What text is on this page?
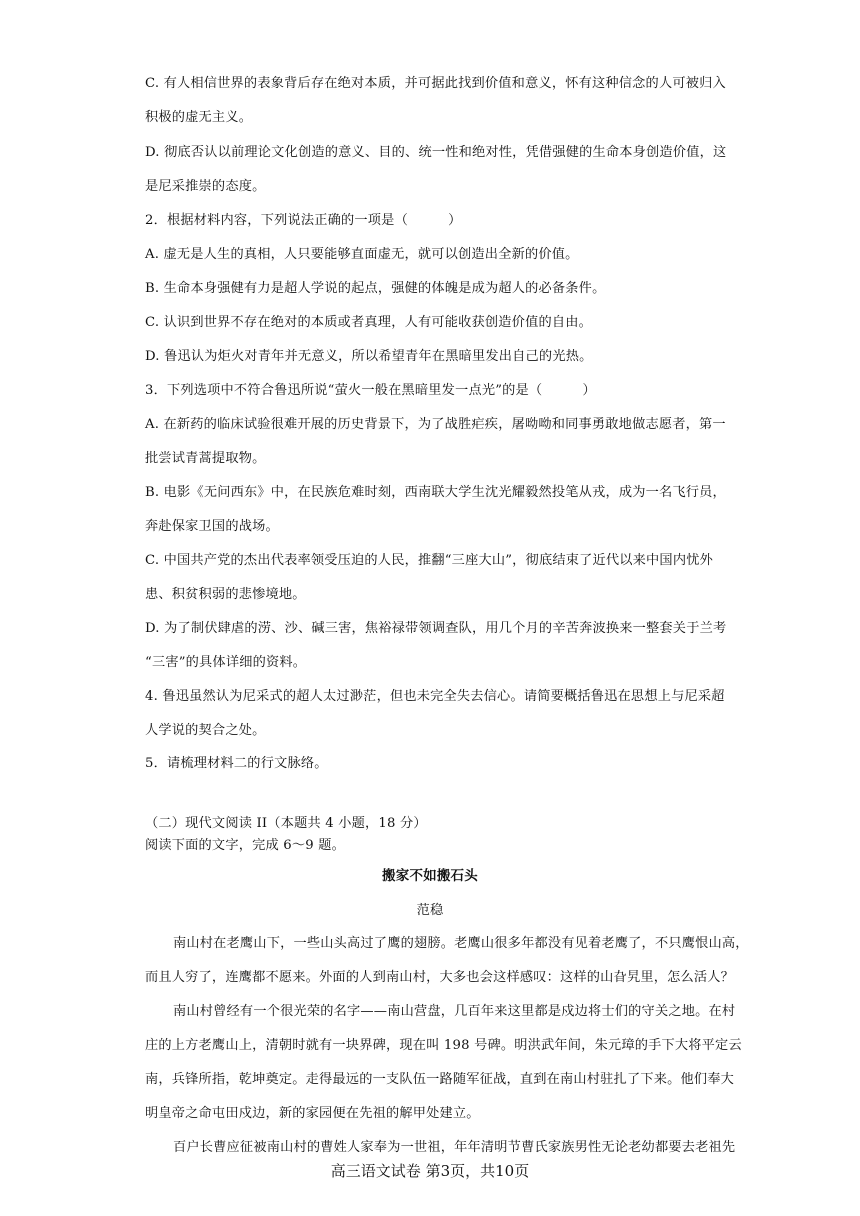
C. 有人相信世界的表象背后存在绝对本质，并可据此找到价值和意义，怀有这种信念的人可被归入
积极的虚无主义。
D. 彻底否认以前理论文化创造的意义、目的、统一性和绝对性，凭借强健的生命本身创造价值，这
是尼采推崇的态度。
2．根据材料内容，下列说法正确的一项是（　　　）
A. 虚无是人生的真相，人只要能够直面虚无，就可以创造出全新的价值。
B. 生命本身强健有力是超人学说的起点，强健的体魄是成为超人的必备条件。
C. 认识到世界不存在绝对的本质或者真理，人有可能收获创造价值的自由。
D. 鲁迅认为炬火对青年并无意义，所以希望青年在黑暗里发出自己的光热。
3．下列选项中不符合鲁迅所说“萤火一般在黑暗里发一点光”的是（　　　）
A. 在新药的临床试验很难开展的历史背景下，为了战胜疟疾，屠呦呦和同事勇敢地做志愿者，第一
批尝试青蒿提取物。
B. 电影《无问西东》中，在民族危难时刻，西南联大学生沈光耀毅然投笔从戎，成为一名飞行员，
奔赴保家卫国的战场。
C. 中国共产党的杰出代表率领受压迫的人民，推翻“三座大山”，彻底结束了近代以来中国内忧外
患、积贫积弱的悲惨境地。
D. 为了制伏肆虐的涝、沙、碱三害，焦裕禄带领调查队，用几个月的辛苦奔波换来一整套关于兰考
“三害”的具体详细的资料。
4. 鲁迅虽然认为尼采式的超人太过渺茫，但也未完全失去信心。请简要概括鲁迅在思想上与尼采超
人学说的契合之处。
5．请梳理材料二的行文脉络。
（二）现代文阅读 II（本题共 4 小题，18 分）
阅读下面的文字，完成 6～9 题。
搬家不如搬石头
范稳
南山村在老鹰山下，一些山头高过了鹰的翅膀。老鹰山很多年都没有见着老鹰了，不只鹰恨山高，
而且人穷了，连鹰都不愿来。外面的人到南山村，大多也会这样感叹：这样的山旮旯里，怎么活人？
南山村曾经有一个很光荣的名字——南山营盘，几百年来这里都是戍边将士们的守关之地。在村
庄的上方老鹰山上，清朝时就有一块界碑，现在叫 198 号碑。明洪武年间，朱元璋的手下大将平定云
南，兵锋所指，乾坤奠定。走得最远的一支队伍一路随军征战，直到在南山村驻扎了下来。他们奉大
明皇帝之命屯田戍边，新的家园便在先祖的解甲处建立。
百户长曹应征被南山村的曹姓人家奉为一世祖，年年清明节曹氏家族男性无论老幼都要去老祖先
高三语文试卷 第3页，共10页
